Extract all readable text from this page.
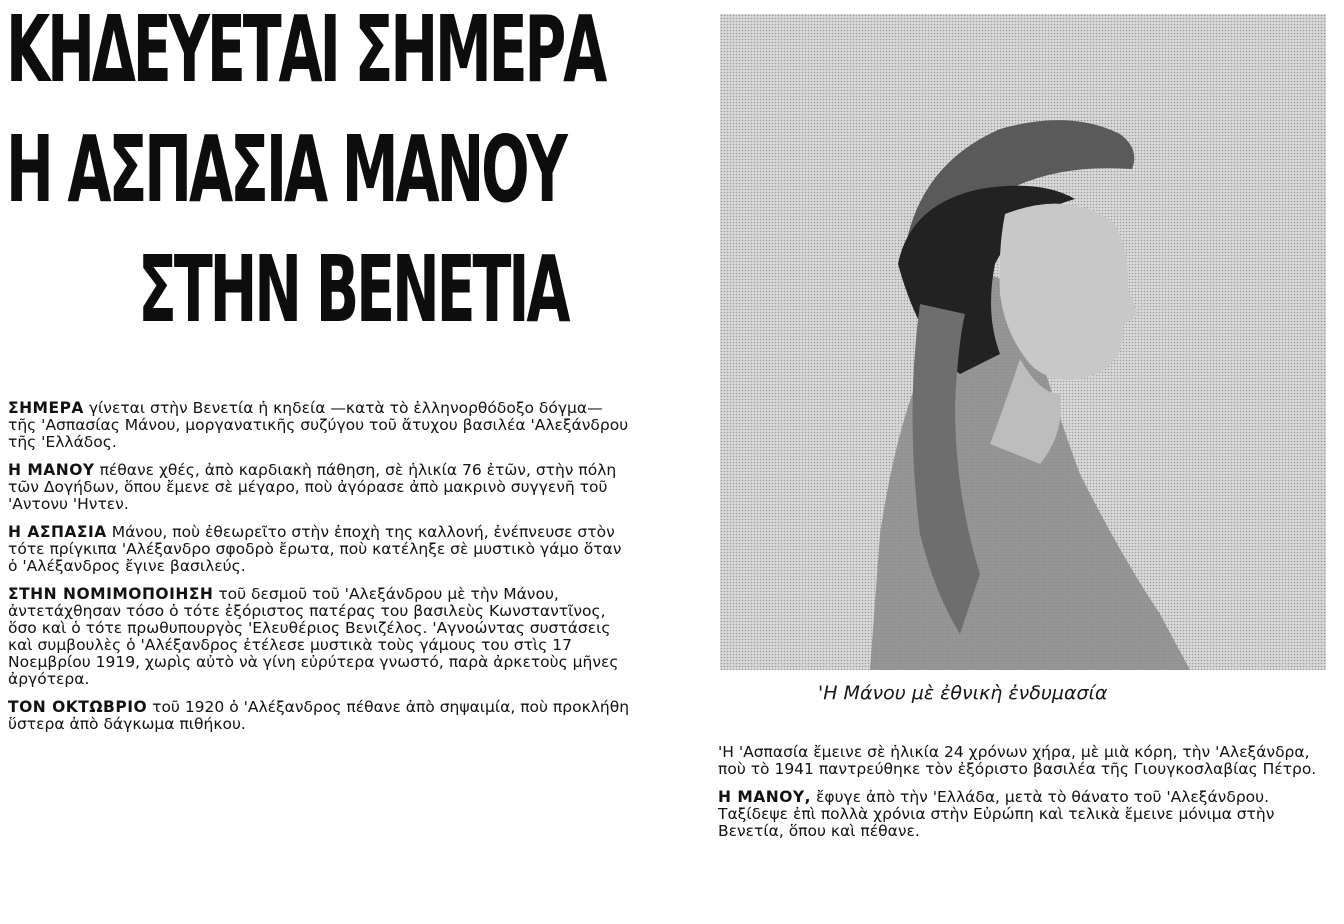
ΚΗΔΕΥΕΤΑΙ ΣΗΜΕΡΑ
Η ΑΣΠΑΣΙΑ ΜΑΝΟΥ
ΣΤΗΝ ΒΕΝΕΤΙΑ

ΣΗΜΕΡΑ γίνεται στὴν Βενετία ἡ κηδεία —κατὰ τὸ ἑλληνορθόδοξο δόγμα— τῆς 'Ασπασίας Μάνου, μοργανατικῆς συζύγου τοῦ ἄτυχου βασιλέα 'Αλεξάνδρου τῆς 'Ελλάδος.

Η ΜΑΝΟΥ πέθανε χθές, ἀπὸ καρδιακὴ πάθηση, σὲ ἡλικία 76 ἐτῶν, στὴν πόλη τῶν Δογήδων, ὅπου ἔμενε σὲ μέγαρο, ποὺ ἀγόρασε ἀπὸ μακρινὸ συγγενῆ τοῦ 'Αντονυ 'Ηντεν.

Η ΑΣΠΑΣΙΑ Μάνου, ποὺ ἐθεωρεῖτο στὴν ἐποχὴ της καλλονή, ἐνέπνευσε στὸν τότε πρίγκιπα 'Αλέξανδρο σφοδρὸ ἔρωτα, ποὺ κατέληξε σὲ μυστικὸ γάμο ὅταν ὁ 'Αλέξανδρος ἔγινε βασιλεύς.

ΣΤΗΝ ΝΟΜΙΜΟΠΟΙΗΣΗ τοῦ δεσμοῦ τοῦ 'Αλεξάνδρου μὲ τὴν Μάνου, ἀντετάχθησαν τόσο ὁ τότε ἐξόριστος πατέρας του βασιλεὺς Κωνσταντῖνος, ὅσο καὶ ὁ τότε πρωθυπουργὸς 'Ελευθέριος Βενιζέλος. 'Αγνοώντας συστάσεις καὶ συμβουλὲς ὁ 'Αλέξανδρος ἐτέλεσε μυστικὰ τοὺς γάμους του στὶς 17 Νοεμβρίου 1919, χωρὶς αὐτὸ νὰ γίνη εὐρύτερα γνωστό, παρὰ ἀρκετοὺς μῆνες ἀργότερα.

ΤΟΝ ΟΚΤΩΒΡΙΟ τοῦ 1920 ὁ 'Αλέξανδρος πέθανε ἀπὸ σηψαιμία, ποὺ προκλήθη ὕστερα ἀπὸ δάγκωμα πιθήκου.

'Η Μάνου μὲ ἐθνικὴ ἐνδυμασία

'Η 'Ασπασία ἔμεινε σὲ ἡλικία 24 χρόνων χήρα, μὲ μιὰ κόρη, τὴν 'Αλεξάνδρα, ποὺ τὸ 1941 παντρεύθηκε τὸν ἐξόριστο βασιλέα τῆς Γιουγκοσλαβίας Πέτρο.

Η ΜΑΝΟΥ, ἔφυγε ἀπὸ τὴν 'Ελλάδα, μετὰ τὸ θάνατο τοῦ 'Αλεξάνδρου. Ταξίδεψε ἐπὶ πολλὰ χρόνια στὴν Εὐρώπη καὶ τελικὰ ἔμεινε μόνιμα στὴν Βενετία, ὅπου καὶ πέθανε.
